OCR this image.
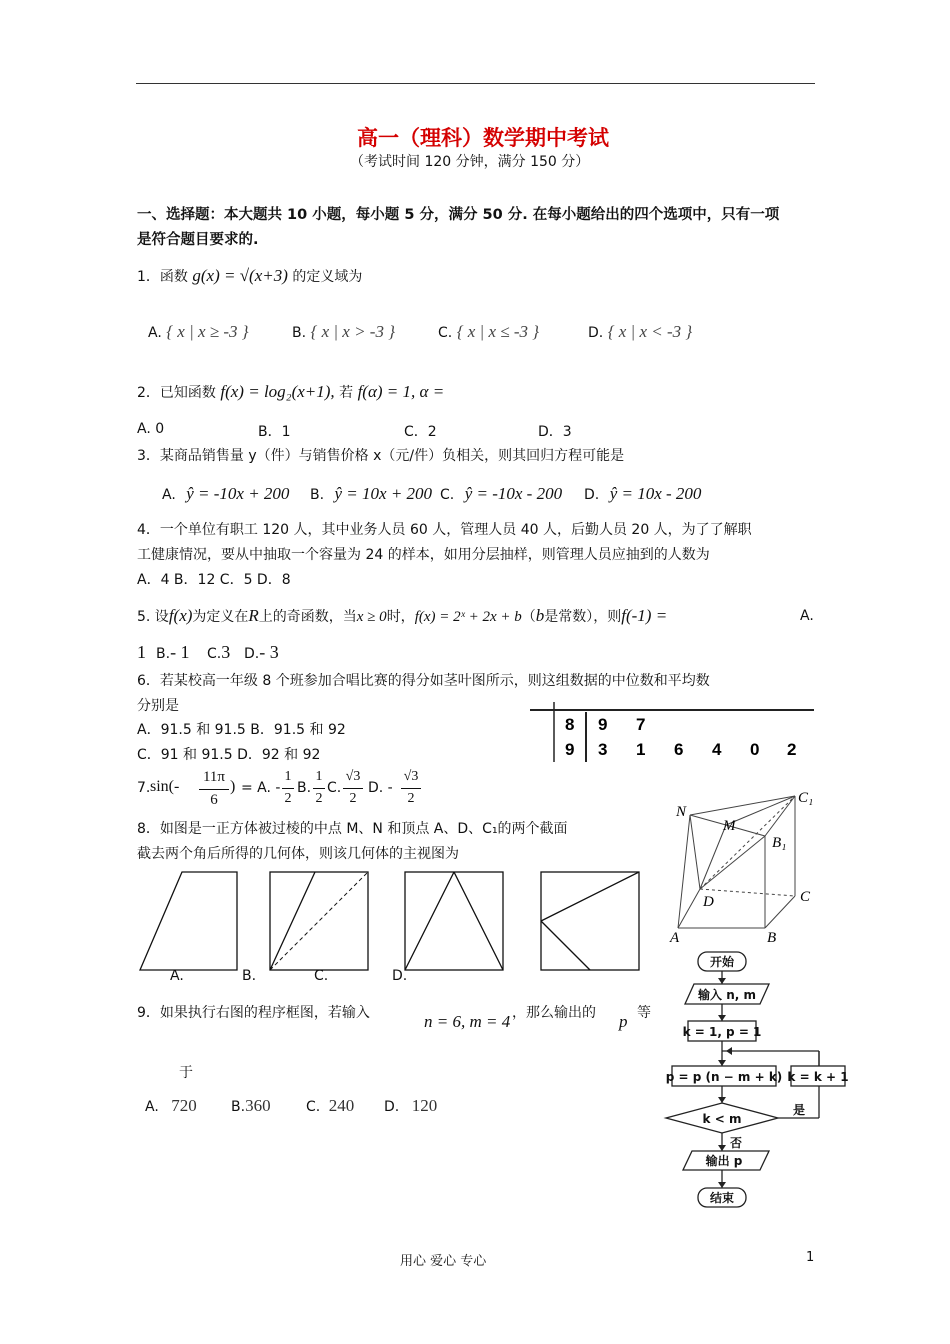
高一（理科）数学期中考试
（考试时间 120 分钟，满分 150 分）
一、选择题：本大题共 10 小题，每小题 5 分，满分 50 分. 在每小题给出的四个选项中，只有一项
是符合题目要求的.
1．函数 g(x) = √(x+3) 的定义域为
A. { x | x ≥ -3 }	B. { x | x > -3 }	C. { x | x ≤ -3 }	D. { x | x < -3 }
2．已知函数 f(x) = log₂(x+1), 若 f(α) = 1, α =
A. 0	B．1	C．2	D．3
3．某商品销售量 y（件）与销售价格 x（元/件）负相关，则其回归方程可能是
A. ŷ = -10x + 200 B. ŷ = 10x + 200 C. ŷ = -10x - 200 D. ŷ = 10x - 200
4．一个单位有职工 120 人，其中业务人员 60 人，管理人员 40 人，后勤人员 20 人，为了了解职
工健康情况，要从中抽取一个容量为 24 的样本，如用分层抽样，则管理人员应抽到的人数为
A．4 B．12 C．5 D．8
5. 设f(x)为定义在R上的奇函数，当x ≥ 0时，f(x) = 2ˣ + 2x + b（b是常数），则f(-1) =	A.
1 B.- 1 C.3 D.- 3
6．若某校高一年级 8 个班参加合唱比赛的得分如茎叶图所示，则这组数据的中位数和平均数
分别是
A．91.5 和 91.5 B．91.5 和 92
C．91 和 91.5 D．92 和 92
8 9 7
9 3 1 6 4 0 2
7. sin(-
11π
6
) = A. -
1
2
B.
1
2
C.
√3
2
D. -
√3
2
8．如图是一正方体被过棱的中点 M、N 和顶点 A、D、C₁的两个截面
截去两个角后所得的几何体，则该几何体的主视图为
A.	B.	C.	D.
N
M
C₁
B₁
D	C
A	B
9．如果执行右图的程序框图，若输入	n = 6, m = 4 ，那么输出的 p 等
于
A. 720 B.360	C. 240 D. 120
开始
输入 n, m
k = 1, p = 1
p = p (n − m + k) k = k + 1
k < m
是
否
输出 p
结束
用心 爱心 专心	1
